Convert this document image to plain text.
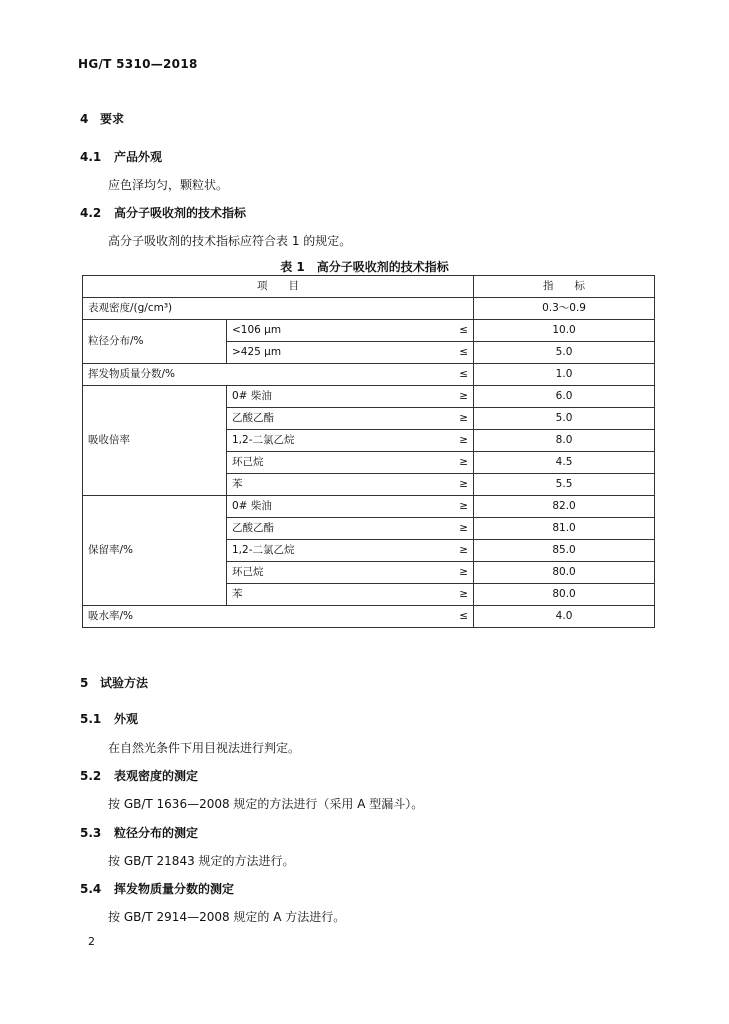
HG/T 5310—2018
4 要求
4.1 产品外观
应色泽均匀，颗粒状。
4.2 高分子吸收剂的技术指标
高分子吸收剂的技术指标应符合表 1 的规定。
表 1　高分子吸收剂的技术指标
项　　目			指　　标
表观密度/(g/cm³)			0.3～0.9
粒径分布/%	<106 μm	≤	10.0
	>425 μm	≤	5.0
挥发物质量分数/%		≤	1.0
吸收倍率	0# 柴油	≥	6.0
	乙酸乙酯	≥	5.0
	1,2-二氯乙烷	≥	8.0
	环己烷	≥	4.5
	苯	≥	5.5
保留率/%	0# 柴油	≥	82.0
	乙酸乙酯	≥	81.0
	1,2-二氯乙烷	≥	85.0
	环己烷	≥	80.0
	苯	≥	80.0
吸水率/%		≤	4.0
5 试验方法
5.1 外观
在自然光条件下用目视法进行判定。
5.2 表观密度的测定
按 GB/T 1636—2008 规定的方法进行（采用 A 型漏斗）。
5.3 粒径分布的测定
按 GB/T 21843 规定的方法进行。
5.4 挥发物质量分数的测定
按 GB/T 2914—2008 规定的 A 方法进行。
2
